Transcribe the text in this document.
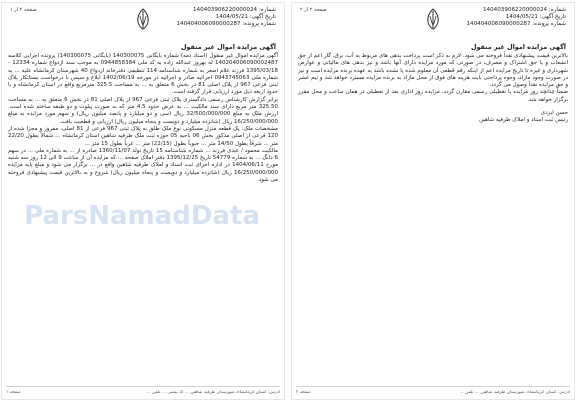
شماره: 140403906220000024
تاریخ آگهی: 1404/05/21
شماره پرونده: 140404006090000287
صفحه ۲ از ۱
آگهی مزایده اموال غیر منقول

آگهی مزایده اموال غیر منقول (اسناد ذمه) شماره بایگانی 140300075 (بایگانی 140300075) پرونده اجرایی کلاسه 140204006090002487 له بهروز عبدالله زاده به کد ملی 0944858384 به موجب سند ازدواج شماره 12334 - 1395/03/18 فرزند غلام اصغر به شماره شناسنامه 114 تنظیمی دفترخانه ازدواج 40 شهرستان کرمانشاه علیه ... به شماره ملی 0943745063 اجرائیه صادر و اجرائیه در مورخه 1402/06/19 ابلاغ و سپس با درخواست بستانکار پلاک ثبتی فرعی 967 از پلاک اصلی 81 در بخش 6 متعلق به ... به مساحت 325.5 مترمربع واقع در استان کرمانشاه و با حدود اربعه ذیل مورد ارزیابی قرار گرفته است.

برابر گزارش کارشناس رسمی دادگستری پلاک ثبتی فرعی 967 از پلاک اصلی 81 در بخش 6 متعلق به ... به مساحت 325.50 متر مربع دارای سند مالکیت ... به عرض حدود 4.5 متر که به صورت پیلوت و دو طبقه ساخته شده است. ارزش ملک به مبلغ 32/500/000/000 ریال (سی و دو میلیارد و پانصد میلیون ریال) و سهم مورد مزایده به مبلغ 16/250/000/000 ریال (شانزده میلیارد و دویست و پنجاه میلیون ریال) ارزیابی و قطعیت یافت.

مشخصات ملک: یک قطعه منزل مسکونی نوع ملک طلق به پلاک ثبتی 967 فرعی از 81 اصلی، مفروز و مجزا شده از 120 فرعی از اصلی مذکور بخش 06 ناحیه 05 حوزه ثبت ملک طرفیه شاهین استان کرمانشاه ... شمالاً بطول 22/20 متر ... شرقاً بطول 14/50 متر ... جنوباً بطول (22/15) متر ... غرباً بطول 15 متر ...

مالکیت محمود / عبدی فرزند ... شماره شناسنامه 15 تاریخ تولد 1360/11/07 صادره از ... به شماره ملی ... در سهم 6 دانگ ... به شماره 54779 تاریخ 1395/12/25 دفتر املاک صفحه ... که مزایده آن از ساعت 9 الی 12 روز سه شنبه مورخ 1404/06/11 در اداره اجرای ثبت اسناد و املاک طرفیه شاهین واقع در ... برگزار می شود و مبلغ پایه مزایده 16/250/000/000 ریال (شانزده میلیارد و دویست و پنجاه میلیون ریال) شروع و به بالاترین قیمت پیشنهادی فروخته می شود.

ParsNamadData
آدرس: استان کرمانشاه، شهرستان طرفیه شاهین ... کد پستی ... تلفن ...
صفحه ۱
شماره: 140403906220000024
تاریخ آگهی: 1404/05/21
شماره پرونده: 140404006090000287
صفحه ۲ از ۲
آگهی مزایده اموال غیر منقول

بالاترین قیمت پیشنهادی نقداً فروخته می شود. لازم به ذکر است پرداخت بدهی های مربوط به آب، برق، گاز اعم از حق انشعاب و یا حق اشتراک و مصرف، در صورتی که مورد مزایده دارای آنها باشد و نیز بدهی های مالیاتی و عوارض شهرداری و غیره تا تاریخ مزایده اعم از اینکه رقم قطعی آن معلوم شده یا نشده باشد به عهده برنده مزایده است و نیز در صورت وجود مازاد، وجوه پرداختی بابت هزینه های فوق از محل مازاد به برنده مزایده مسترد خواهد شد و نیم عشر و حق مزایده نقداً وصول می گردد.

ضمناً چنانچه روز مزایده با تعطیلی رسمی مقارن گردد، مزایده روز اداری بعد از تعطیلی در همان ساعت و محل مقرر برگزار خواهد شد.

حسن ایزدی
رئیس ثبت اسناد و املاک طرفیه شاهین
آدرس: استان کرمانشاه، شهرستان طرفیه شاهین ... تلفن ...
صفحه ۲
